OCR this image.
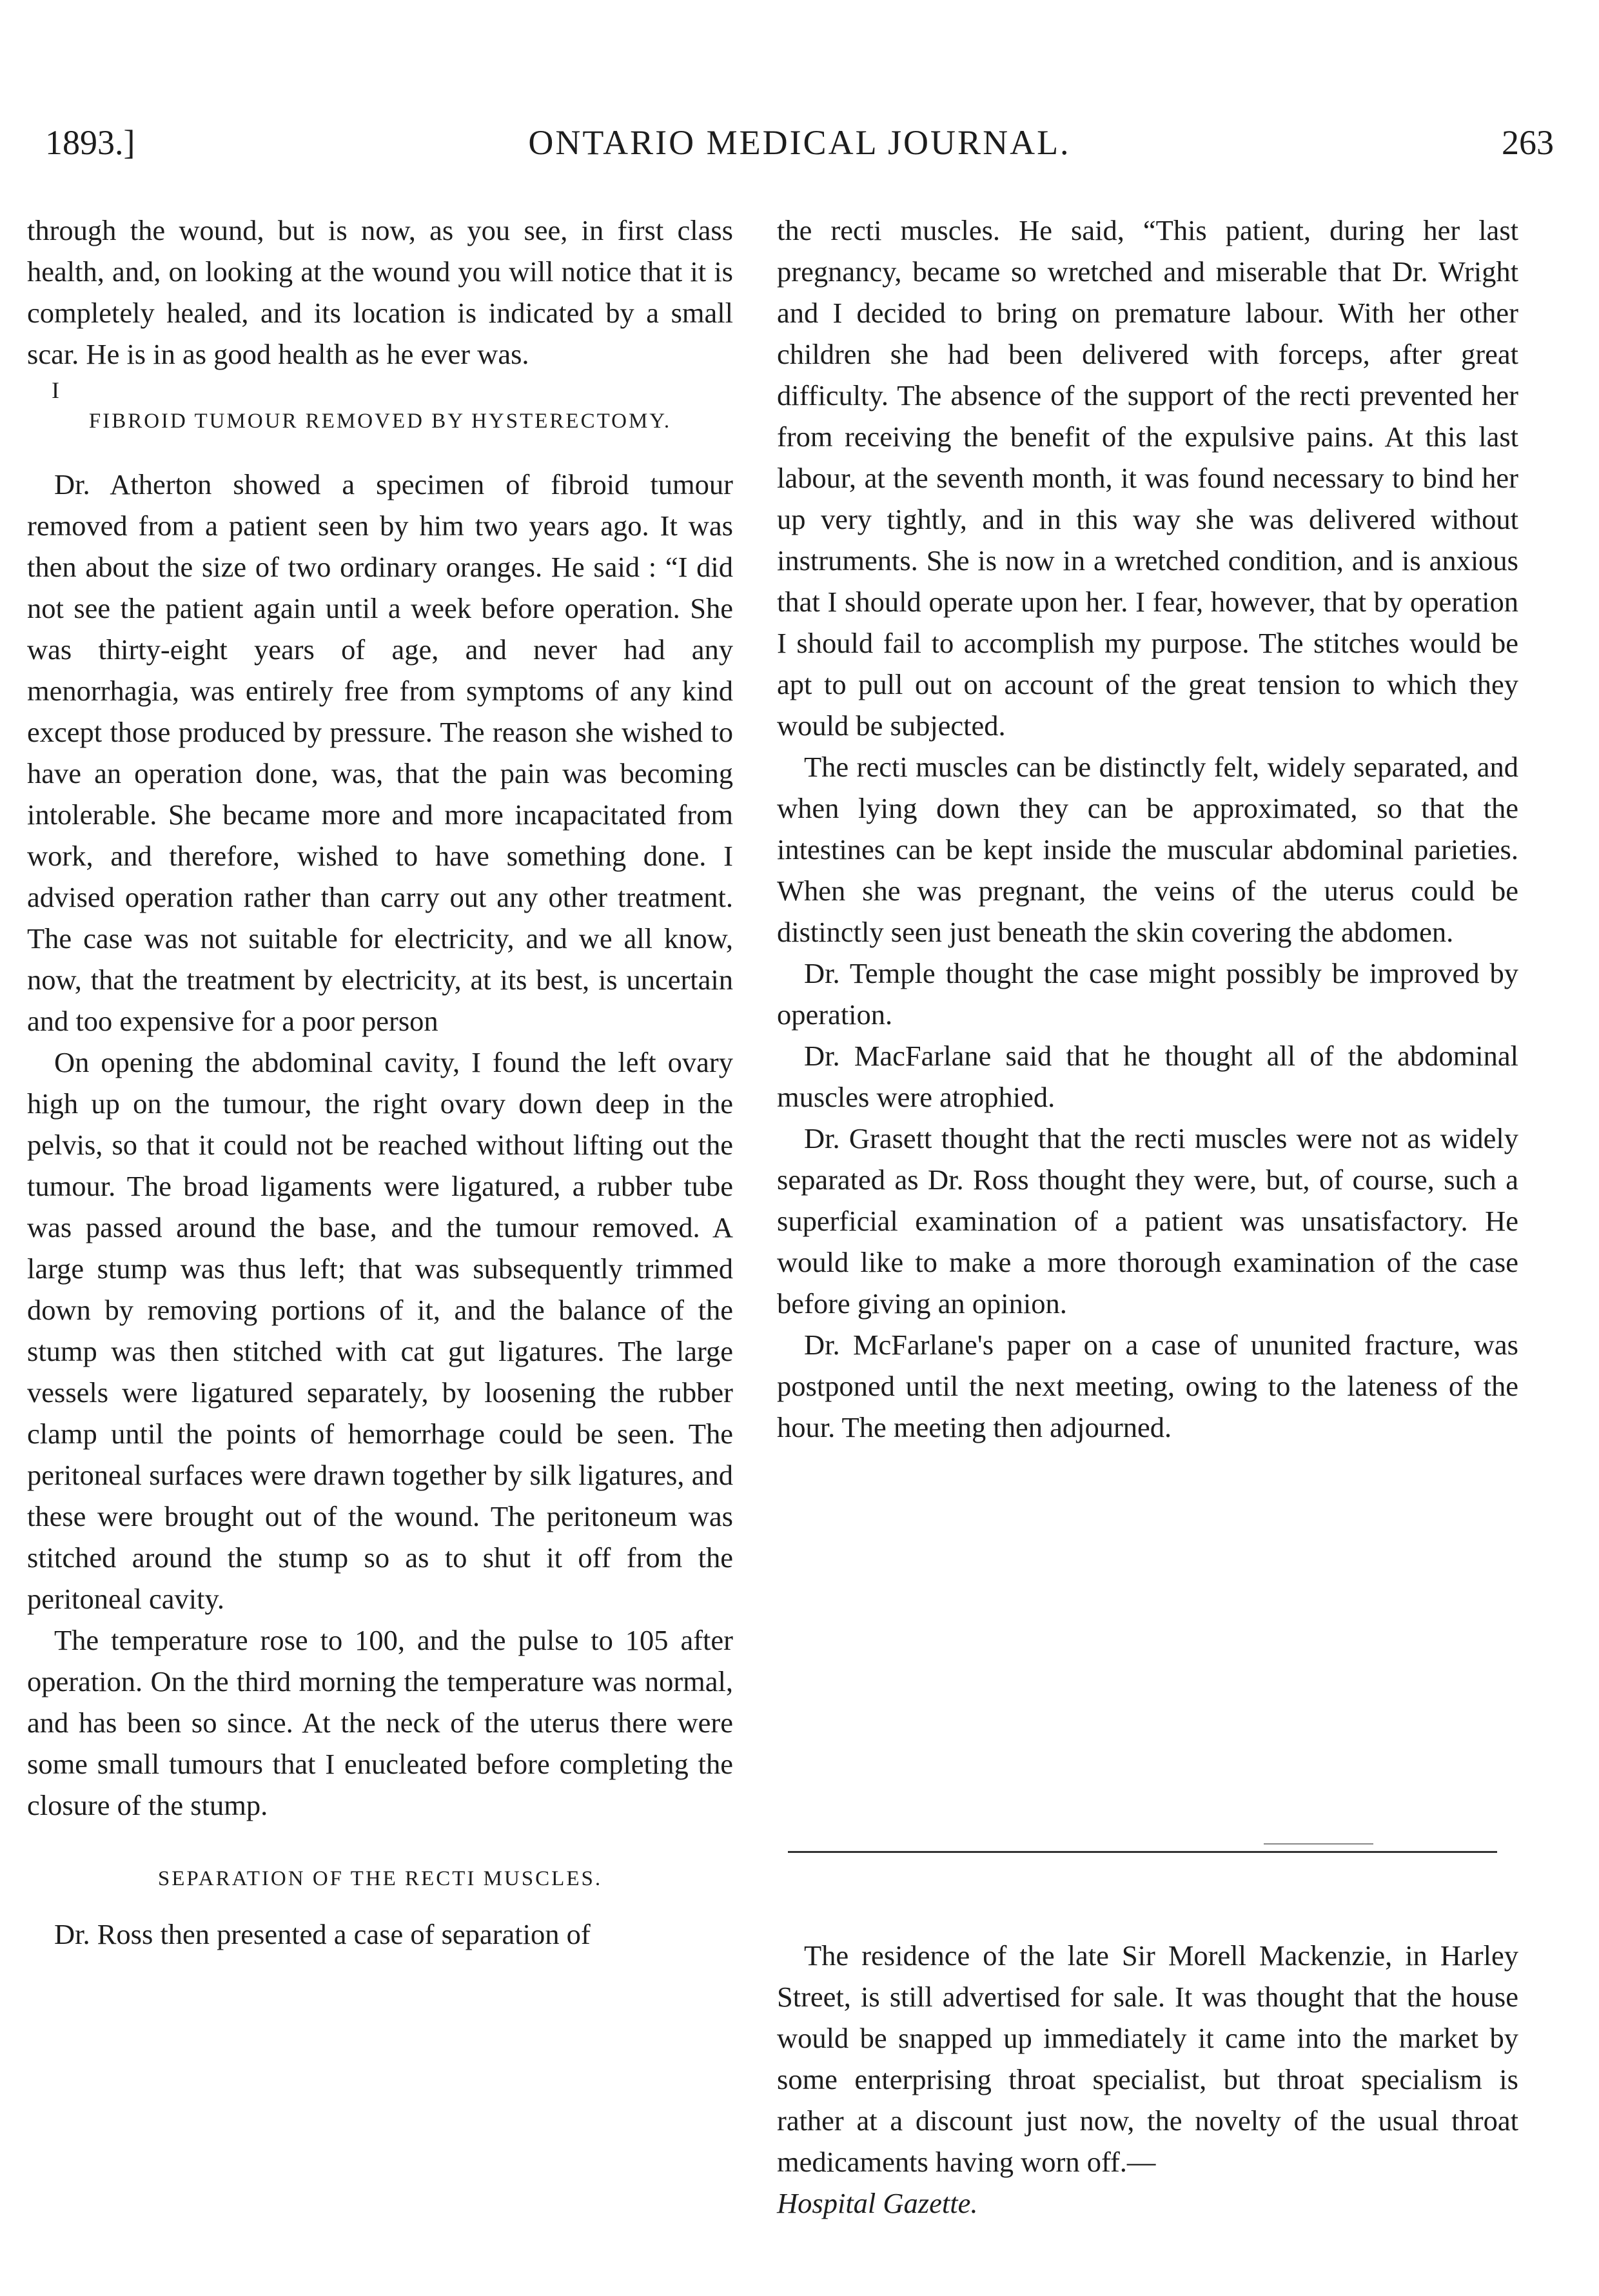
1893.]	ONTARIO MEDICAL JOURNAL.	263

through the wound, but is now, as you see, in first class health, and, on looking at the wound you will notice that it is completely healed, and its location is indicated by a small scar. He is in as good health as he ever was.

I

FIBROID TUMOUR REMOVED BY HYSTERECTOMY.

Dr. Atherton showed a specimen of fibroid tumour removed from a patient seen by him two years ago. It was then about the size of two ordinary oranges. He said : “I did not see the patient again until a week before operation. She was thirty-eight years of age, and never had any menorrhagia, was entirely free from symptoms of any kind except those produced by pressure. The reason she wished to have an operation done, was, that the pain was becoming intolerable. She became more and more incapacitated from work, and therefore, wished to have something done. I advised operation rather than carry out any other treatment. The case was not suitable for electricity, and we all know, now, that the treatment by electricity, at its best, is uncertain and too expensive for a poor person

On opening the abdominal cavity, I found the left ovary high up on the tumour, the right ovary down deep in the pelvis, so that it could not be reached without lifting out the tumour. The broad ligaments were ligatured, a rubber tube was passed around the base, and the tumour removed. A large stump was thus left; that was subsequently trimmed down by removing portions of it, and the balance of the stump was then stitched with cat gut ligatures. The large vessels were ligatured separately, by loosening the rubber clamp until the points of hemorrhage could be seen. The peritoneal surfaces were drawn together by silk ligatures, and these were brought out of the wound. The peritoneum was stitched around the stump so as to shut it off from the peritoneal cavity.

The temperature rose to 100, and the pulse to 105 after operation. On the third morning the temperature was normal, and has been so since. At the neck of the uterus there were some small tumours that I enucleated before completing the closure of the stump.

SEPARATION OF THE RECTI MUSCLES.

Dr. Ross then presented a case of separation of

the recti muscles. He said, “This patient, during her last pregnancy, became so wretched and miserable that Dr. Wright and I decided to bring on premature labour. With her other children she had been delivered with forceps, after great difficulty. The absence of the support of the recti prevented her from receiving the benefit of the expulsive pains. At this last labour, at the seventh month, it was found necessary to bind her up very tightly, and in this way she was delivered without instruments. She is now in a wretched condition, and is anxious that I should operate upon her. I fear, however, that by operation I should fail to accomplish my purpose. The stitches would be apt to pull out on account of the great tension to which they would be subjected.

The recti muscles can be distinctly felt, widely separated, and when lying down they can be approximated, so that the intestines can be kept inside the muscular abdominal parieties. When she was pregnant, the veins of the uterus could be distinctly seen just beneath the skin covering the abdomen.

Dr. Temple thought the case might possibly be improved by operation.

Dr. MacFarlane said that he thought all of the abdominal muscles were atrophied.

Dr. Grasett thought that the recti muscles were not as widely separated as Dr. Ross thought they were, but, of course, such a superficial examination of a patient was unsatisfactory. He would like to make a more thorough examination of the case before giving an opinion.

Dr. McFarlane's paper on a case of ununited fracture, was postponed until the next meeting, owing to the lateness of the hour. The meeting then adjourned.

The residence of the late Sir Morell Mackenzie, in Harley Street, is still advertised for sale. It was thought that the house would be snapped up immediately it came into the market by some enterprising throat specialist, but throat specialism is rather at a discount just now, the novelty of the usual throat medicaments having worn off.—

Hospital Gazette.
